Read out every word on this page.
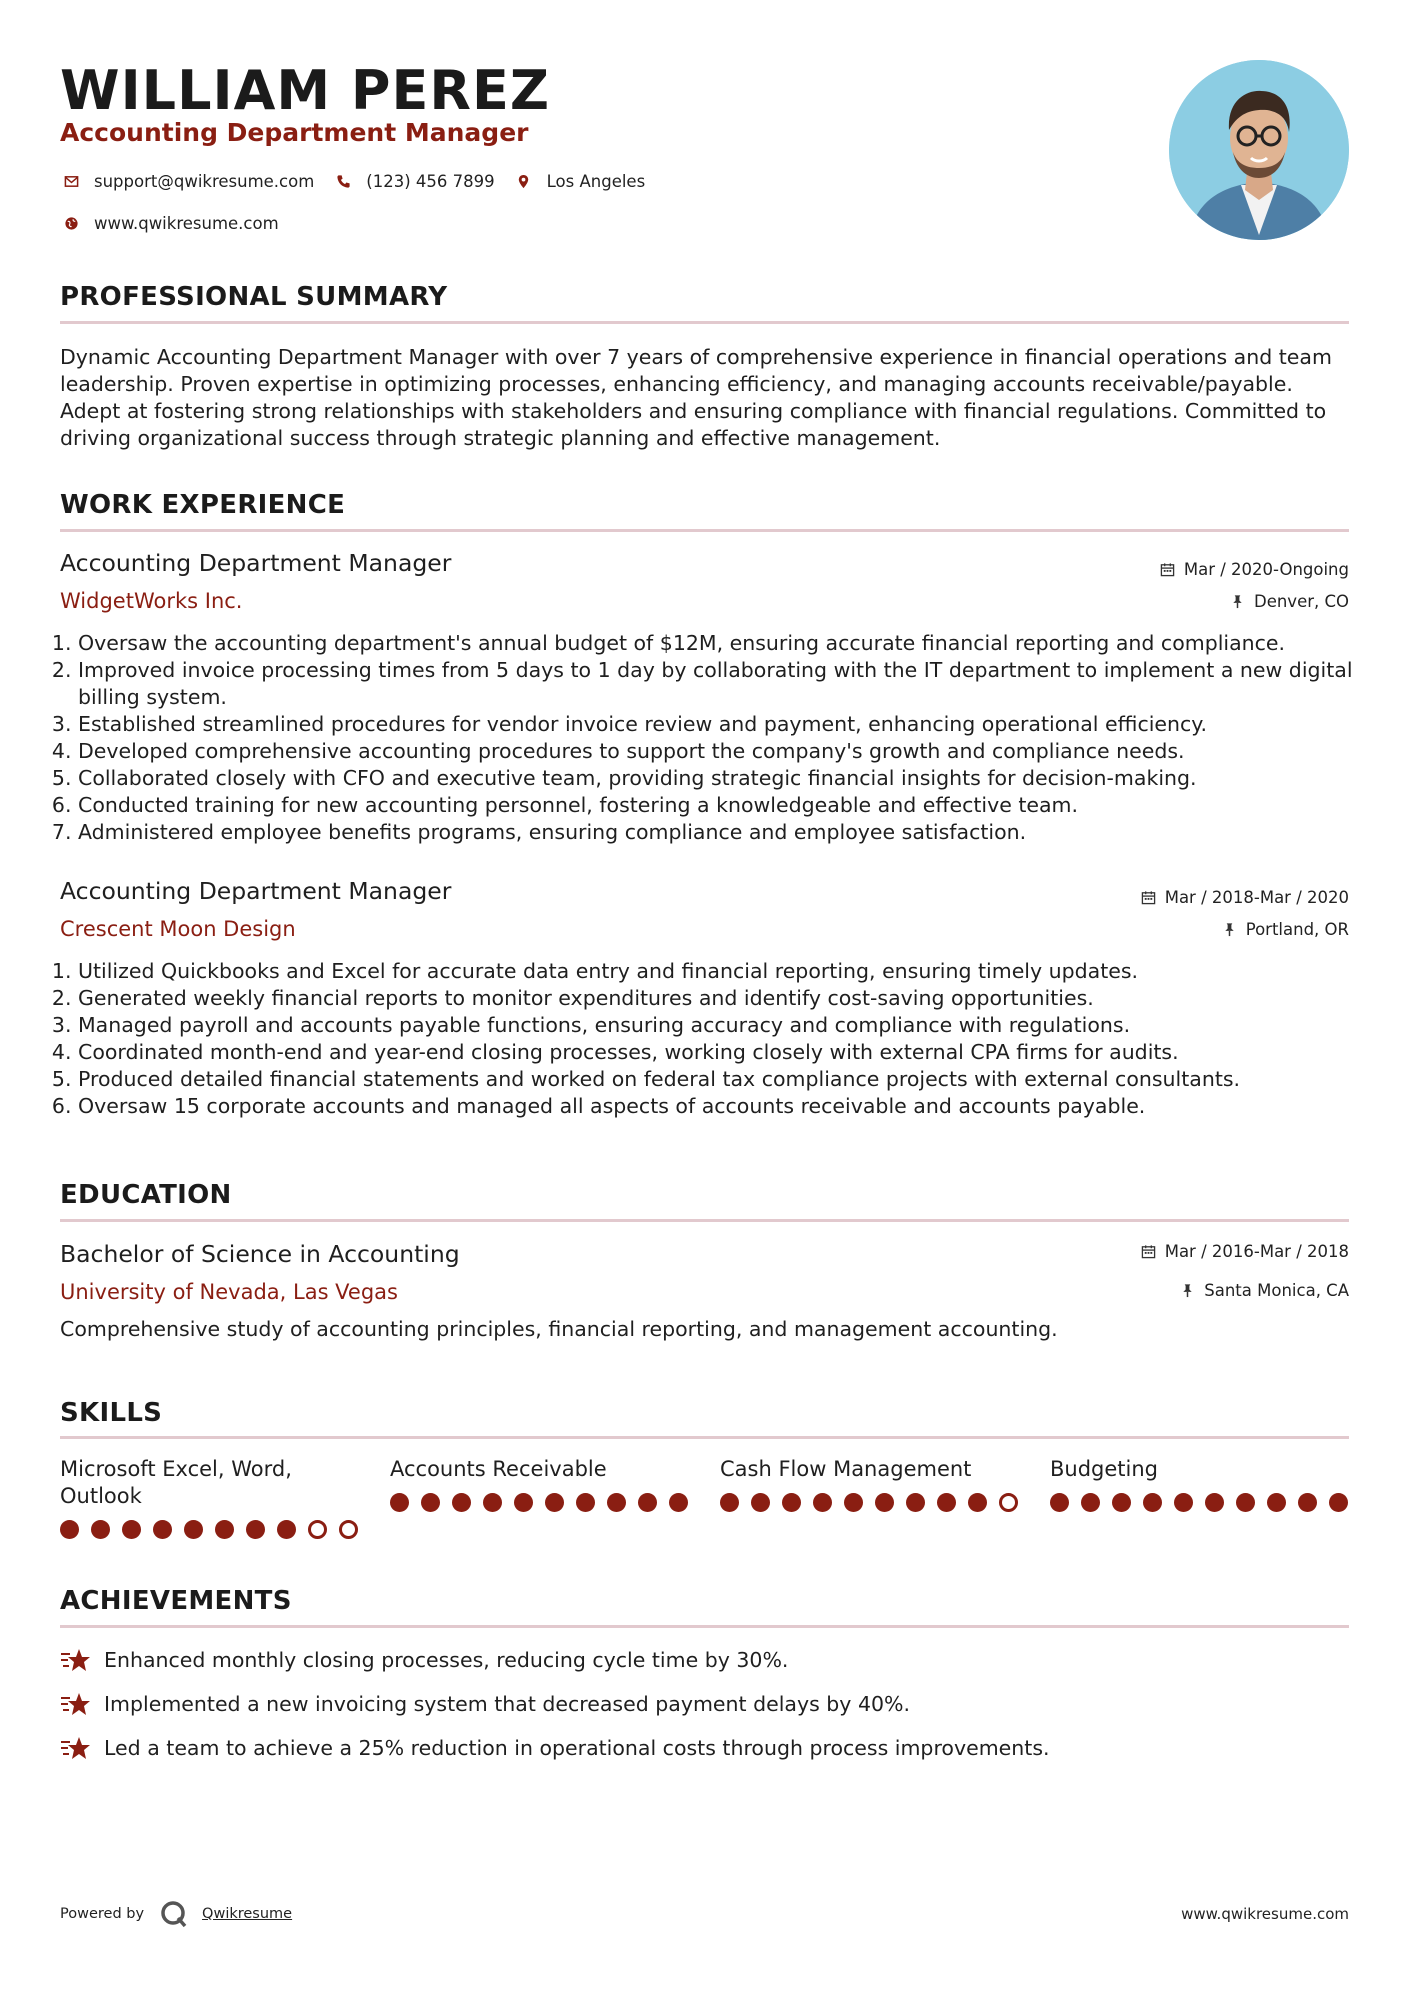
WILLIAM PEREZ
Accounting Department Manager
support@qwikresume.com	(123) 456 7899	Los Angeles
www.qwikresume.com
PROFESSIONAL SUMMARY

Dynamic Accounting Department Manager with over 7 years of comprehensive experience in financial operations and team leadership. Proven expertise in optimizing processes, enhancing efficiency, and managing accounts receivable/payable. Adept at fostering strong relationships with stakeholders and ensuring compliance with financial regulations. Committed to driving organizational success through strategic planning and effective management.

WORK EXPERIENCE

Accounting Department Manager

WidgetWorks Inc.

Mar / 2020-Ongoing
Denver, CO
1. Oversaw the accounting department's annual budget of $12M, ensuring accurate financial reporting and compliance.
2. Improved invoice processing times from 5 days to 1 day by collaborating with the IT department to implement a new digital billing system.
3. Established streamlined procedures for vendor invoice review and payment, enhancing operational efficiency.
4. Developed comprehensive accounting procedures to support the company's growth and compliance needs.
5. Collaborated closely with CFO and executive team, providing strategic financial insights for decision-making.
6. Conducted training for new accounting personnel, fostering a knowledgeable and effective team.
7. Administered employee benefits programs, ensuring compliance and employee satisfaction.

Accounting Department Manager

Crescent Moon Design

Mar / 2018-Mar / 2020
Portland, OR
1. Utilized Quickbooks and Excel for accurate data entry and financial reporting, ensuring timely updates.
2. Generated weekly financial reports to monitor expenditures and identify cost-saving opportunities.
3. Managed payroll and accounts payable functions, ensuring accuracy and compliance with regulations.
4. Coordinated month-end and year-end closing processes, working closely with external CPA firms for audits.
5. Produced detailed financial statements and worked on federal tax compliance projects with external consultants.
6. Oversaw 15 corporate accounts and managed all aspects of accounts receivable and accounts payable.
EDUCATION

Bachelor of Science in Accounting

University of Nevada, Las Vegas

Mar / 2016-Mar / 2018
Santa Monica, CA

Comprehensive study of accounting principles, financial reporting, and management accounting.

SKILLS

Microsoft Excel, Word, Outlook

Accounts Receivable	Cash Flow Management	Budgeting

ACHIEVEMENTS
Enhanced monthly closing processes, reducing cycle time by 30%.
Implemented a new invoicing system that decreased payment delays by 40%.
Led a team to achieve a 25% reduction in operational costs through process improvements.
Powered by	Qwikresume	www.qwikresume.com
